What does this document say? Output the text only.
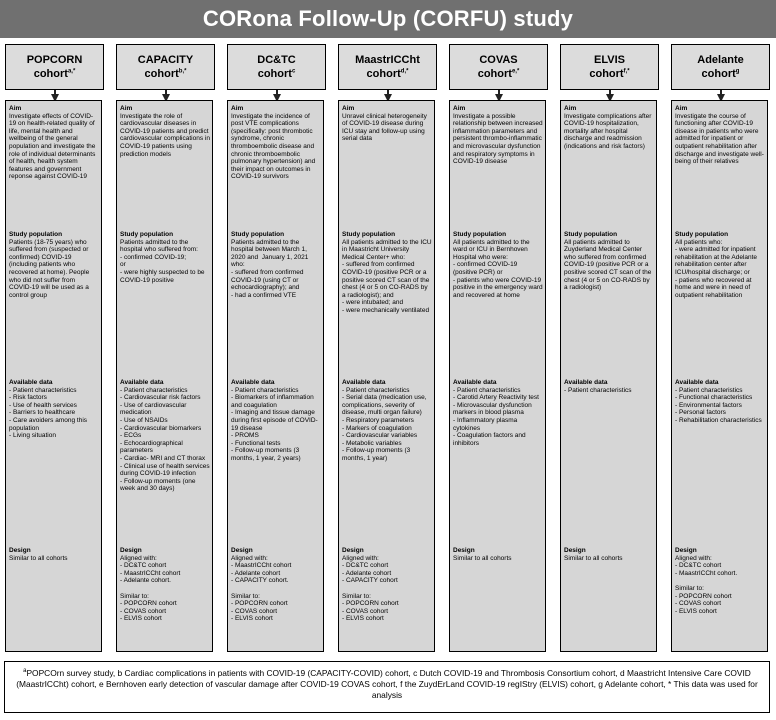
CORona Follow-Up (CORFU) study
POPCORN
cohort$^{a,*}$
Aim
Investigate effects of COVID-19 on health-related quality of life, mental health and wellbeing of the general population and investigate the role of individual determinants of health, health system features and government reponse against COVID-19
Study population
Patients (18-75 years) who suffered from (suspected or confirmed) COVID-19 (including patients who recovered at home). People who did not suffer from COVID-19 will be used as a control group
Available data
- Patient characteristics
- Risk factors
- Use of health services
- Barriers to healthcare
- Care avoiders among this population
- Living situation
Design
Similar to all cohorts
CAPACITY
cohort$^{b,*}$
Aim
Investigate the role of cardiovascular diseases in COVID-19 patients and predict cardiovascular complications in COVID-19 patients using prediction models
Study population
Patients admitted to the hospital who suffered from:
- confirmed COVID-19;
or
- were highly suspected to be COVID-19 positive
Available data
- Patient characteristics
- Cardiovascular risk factors
- Use of cardiovascular medication
- Use of NSAIDs
- Cardiovascular biomarkers
- ECGs
- Echocardiographical parameters
- Cardiac- MRI and CT thorax
- Clinical use of health services during COVID-19 infection
- Follow-up moments (one week and 30 days)
Design
Aligned with:
- DC&TC cohort
- MaastrICCht cohort
- Adelante cohort.

Similar to:
- POPCORN cohort
- COVAS cohort
- ELVIS cohort
DC&TC
cohort$^c$
Aim
Investigate the incidence of post VTE complications (specifically: post thrombotic syndrome, chronic thromboembolic disease and chronic thromboembolic pulmonary hypertension) and their impact on outcomes in COVID-19 survivors
Study population
Patients admitted to the hospital between March 1, 2020 and  January 1, 2021 who:
- suffered from confirmed COVID-19 (using CT or echocardiography); and
- had a confirmed VTE
Available data
- Patient characteristics
- Biomarkers of inflammation and coagulation
- Imaging and tissue damage during first episode of COVID-19 disease
- PROMS
- Functional tests
- Follow-up moments (3 months, 1 year, 2 years)
Design
Aligned with:
- MaastrICCht cohort
- Adelante cohort
- CAPACITY cohort.

Similar to:
- POPCORN cohort
- COVAS cohort
- ELVIS cohort
MaastrICCht
cohort$^{d,*}$
Aim
Unravel clinical heterogeneity of COVID-19 disease during ICU stay and follow-up using serial data
Study population
All patients admitted to the ICU in Maastricht University Medical Center+ who:
- suffered from confirmed COVID-19 (positive PCR or a positive scored CT scan of the chest (4 or 5 on CO-RADS by a radiologist); and
- were intubated; and
- were mechanically ventilated
Available data
- Patient characteristics
- Serial data (medication use, complications, severity of disease, multi organ failure)
- Respiratory parameters
- Markers of coagulation
- Cardiovascular variables
- Metabolic variables
- Follow-up moments (3 months, 1 year)
Design
Aligned with:
- DC&TC cohort
- Adelante cohort
- CAPACITY cohort

Similar to:
- POPCORN cohort
- COVAS cohort
- ELVIS cohort
COVAS
cohort$^{e,*}$
Aim
Investigate a possible relationship between increased inflammation parameters and persistent thrombo-inflammatic and microvascular dysfunction and respiratory symptoms in COVID-19 disease
Study population
All patients admitted to the ward or ICU in Bernhoven Hospital who were:
- confirmed COVID-19 (positive PCR) or
- patients who were COVID-19 positive in the emergency ward and recovered at home
Available data
- Patient characteristics
- Carotid Artery Reactivity test
- Microvascular dysfunction markers in blood plasma
- Inflammatory plasma cytokines
- Coagulation factors and inhibitors
Design
Similar to all cohorts
ELVIS
cohort$^{f,*}$
Aim
Investigate complications after COVID-19 hospitalization, mortality after hospital discharge and readmission (indications and risk factors)
Study population
All patients admitted to Zuyderland Medical Center who suffered from confirmed COVID-19 (positive PCR or a positive scored CT scan of the chest (4 or 5 on CO-RADS by a radiologist)
Available data
- Patient characteristics
Design
Similar to all cohorts
Adelante
cohort$^g$
Aim
Investigate the course of functioning after COVID-19 disease in patients who were admitted for inpatient or outpatient rehabilitation after discharge and investigate well-being of their relatives
Study population
All patients who:
- were admitted for inpatient rehabilitation at the Adelante rehabilitation center after ICU/hospital discharge; or
- patiens who recovered at home and were in need of outpatient rehabilitation
Available data
- Patient characteristics
- Functional characteristics
- Environmental factors
- Personal factors
- Rehabilitation characteristics
Design
Aligned with:
- DC&TC cohort
- MaastrICCht cohort.

Similar to:
- POPCORN cohort
- COVAS cohort
- ELVIS cohort
$^a$POPCOrn survey study, b Cardiac complications in patients with COVID-19 (CAPACITY-COVID) cohort, c Dutch COVID-19 and Thrombosis Consortium cohort, d Maastricht Intensive Care COVID
(MaastrICCht) cohort, e Bernhoven early detection of vascular damage after COVID-19 COVAS cohort, f the ZuydErLand COVID-19 regIStry (ELVIS) cohort, g Adelante cohort, * This data was used for analysis
